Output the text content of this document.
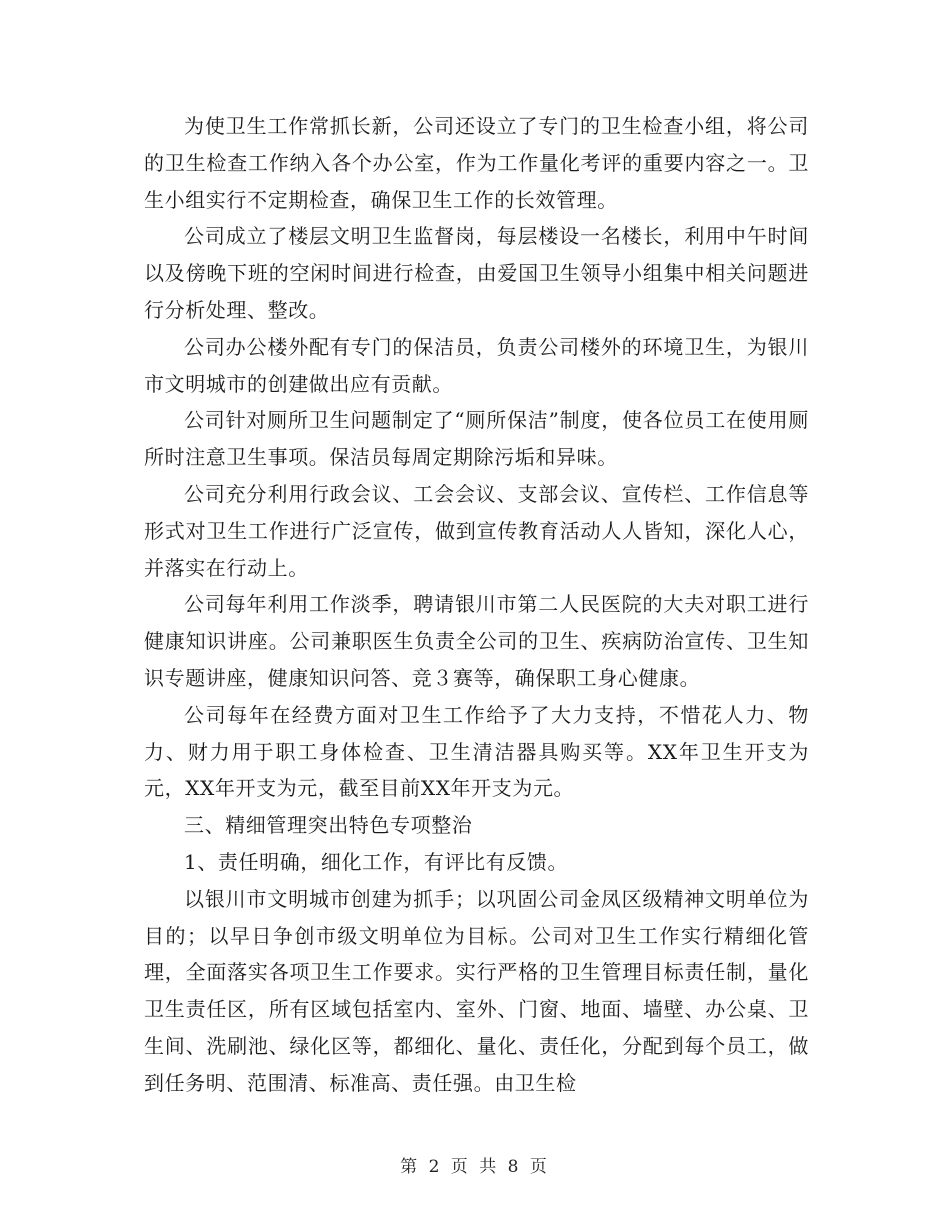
为使卫生工作常抓长新，公司还设立了专门的卫生检查小组，将公司的卫生检查工作纳入各个办公室，作为工作量化考评的重要内容之一。卫生小组实行不定期检查，确保卫生工作的长效管理。

公司成立了楼层文明卫生监督岗，每层楼设一名楼长，利用中午时间以及傍晚下班的空闲时间进行检查，由爱国卫生领导小组集中相关问题进行分析处理、整改。

公司办公楼外配有专门的保洁员，负责公司楼外的环境卫生，为银川市文明城市的创建做出应有贡献。

公司针对厕所卫生问题制定了“厕所保洁”制度，使各位员工在使用厕所时注意卫生事项。保洁员每周定期除污垢和异味。

公司充分利用行政会议、工会会议、支部会议、宣传栏、工作信息等形式对卫生工作进行广泛宣传，做到宣传教育活动人人皆知，深化人心，并落实在行动上。

公司每年利用工作淡季，聘请银川市第二人民医院的大夫对职工进行健康知识讲座。公司兼职医生负责全公司的卫生、疾病防治宣传、卫生知识专题讲座，健康知识问答、竞３赛等，确保职工身心健康。

公司每年在经费方面对卫生工作给予了大力支持，不惜花人力、物力、财力用于职工身体检查、卫生清洁器具购买等。XX年卫生开支为元，XX年开支为元，截至目前XX年开支为元。

三、精细管理突出特色专项整治

1、责任明确，细化工作，有评比有反馈。

以银川市文明城市创建为抓手；以巩固公司金凤区级精神文明单位为目的；以早日争创市级文明单位为目标。公司对卫生工作实行精细化管理，全面落实各项卫生工作要求。实行严格的卫生管理目标责任制，量化卫生责任区，所有区域包括室内、室外、门窗、地面、墙壁、办公桌、卫生间、洗刷池、绿化区等，都细化、量化、责任化，分配到每个员工，做到任务明、范围清、标准高、责任强。由卫生检

第 2 页 共 8 页
